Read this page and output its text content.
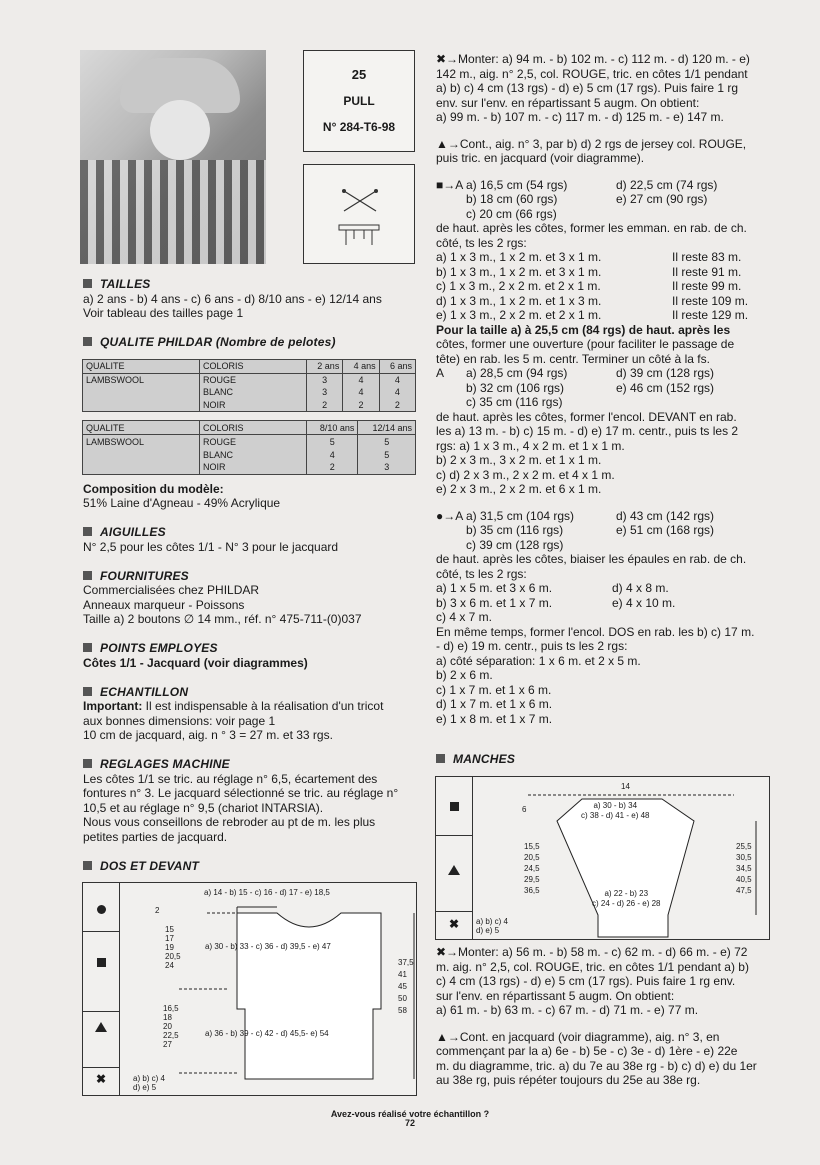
25
PULL
N° 284-T6-98
TAILLES
a) 2 ans - b) 4 ans - c) 6 ans - d) 8/10 ans - e) 12/14 ans
Voir tableau des tailles page 1
QUALITE PHILDAR (Nombre de pelotes)
QUALITE	COLORIS	2 ans	4 ans	6 ans
LAMBSWOOL	ROUGE	3	4	4
	BLANC	3	4	4
	NOIR	2	2	2
QUALITE	COLORIS	8/10 ans	12/14 ans
LAMBSWOOL	ROUGE	5	5
	BLANC	4	5
	NOIR	2	3
Composition du modèle:
51% Laine d'Agneau - 49% Acrylique
AIGUILLES
N° 2,5 pour les côtes 1/1 - N° 3 pour le jacquard
FOURNITURES
Commercialisées chez PHILDAR
Anneaux marqueur - Poissons
Taille a) 2 boutons ∅ 14 mm., réf. n° 475-711-(0)037
POINTS EMPLOYES
Côtes 1/1 - Jacquard (voir diagrammes)
ECHANTILLON
Important: Il est indispensable à la réalisation d'un tricot
aux bonnes dimensions: voir page 1
10 cm de jacquard, aig. n ° 3 = 27 m. et 33 rgs.
REGLAGES MACHINE
Les côtes 1/1 se tric. au réglage n° 6,5, écartement des
fontures n° 3. Le jacquard sélectionné se tric. au réglage n°
10,5 et au réglage n° 9,5 (chariot INTARSIA).
Nous vous conseillons de rebroder au pt de m. les plus
petites parties de jacquard.
DOS ET DEVANT
✖
a) 14 - b) 15 - c) 16 - d) 17 - e) 18,5
2
15
17
19
20,5
24
a) 30 - b) 33 - c) 36 - d) 39,5 - e) 47
37,5
41
45
50
58
16,5
18
20
22,5
27
a) 36 - b) 39 - c) 42 - d) 45,5- e) 54
a) b) c) 4
d) e) 5
✖→Monter: a) 94 m. - b) 102 m. - c) 112 m. - d) 120 m. - e)
142 m., aig. n° 2,5, col. ROUGE, tric. en côtes 1/1 pendant
a) b) c) 4 cm (13 rgs) - d) e) 5 cm (17 rgs). Puis faire 1 rg
env. sur l'env. en répartissant 5 augm. On obtient:
a) 99 m. - b) 107 m. - c) 117 m. - d) 125 m. - e) 147 m.
▲→Cont., aig. n° 3, par b) d) 2 rgs de jersey col. ROUGE,
puis tric. en jacquard (voir diagramme).
■→A a) 16,5 cm (54 rgs)	d) 22,5 cm (74 rgs)
b) 18 cm (60 rgs)	e) 27 cm (90 rgs)
c) 20 cm (66 rgs)
de haut. après les côtes, former les emman. en rab. de ch.
côté, ts les 2 rgs:
a) 1 x 3 m., 1 x 2 m. et 3 x 1 m.	Il reste 83 m.
b) 1 x 3 m., 1 x 2 m. et 3 x 1 m.	Il reste 91 m.
c) 1 x 3 m., 2 x 2 m. et 2 x 1 m.	Il reste 99 m.
d) 1 x 3 m., 1 x 2 m. et 1 x 3 m.	Il reste 109 m.
e) 1 x 3 m., 2 x 2 m. et 2 x 1 m.	Il reste 129 m.
Pour la taille a) à 25,5 cm (84 rgs) de haut. après les
côtes, former une ouverture (pour faciliter le passage de
tête) en rab. les 5 m. centr. Terminer un côté à la fs.
A	a) 28,5 cm (94 rgs)	d) 39 cm (128 rgs)
b) 32 cm (106 rgs)	e) 46 cm (152 rgs)
c) 35 cm (116 rgs)
de haut. après les côtes, former l'encol. DEVANT en rab.
les a) 13 m. - b) c) 15 m. - d) e) 17 m. centr., puis ts les 2
rgs: a) 1 x 3 m., 4 x 2 m. et 1 x 1 m.
b) 2 x 3 m., 3 x 2 m. et 1 x 1 m.
c) d) 2 x 3 m., 2 x 2 m. et 4 x 1 m.
e) 2 x 3 m., 2 x 2 m. et 6 x 1 m.
●→A a) 31,5 cm (104 rgs)	d) 43 cm (142 rgs)
b) 35 cm (116 rgs)	e) 51 cm (168 rgs)
c) 39 cm (128 rgs)
de haut. après les côtes, biaiser les épaules en rab. de ch.
côté, ts les 2 rgs:
a) 1 x 5 m. et 3 x 6 m.	d) 4 x 8 m.
b) 3 x 6 m. et 1 x 7 m.	e) 4 x 10 m.
c) 4 x 7 m.
En même temps, former l'encol. DOS en rab. les b) c) 17 m.
- d) e) 19 m. centr., puis ts les 2 rgs:
a) côté séparation: 1 x 6 m. et 2 x 5 m.
b) 2 x 6 m.
c) 1 x 7 m. et 1 x 6 m.
d) 1 x 7 m. et 1 x 6 m.
e) 1 x 8 m. et 1 x 7 m.
MANCHES
✖
14
6	a) 30 - b) 34
c) 38 - d) 41 - e) 48
15,5
20,5
24,5
29,5
36,5
25,5
30,5
34,5
40,5
47,5
a) 22 - b) 23
c) 24 - d) 26 - e) 28
a) b) c) 4
d) e) 5
✖→Monter: a) 56 m. - b) 58 m. - c) 62 m. - d) 66 m. - e) 72
m. aig. n° 2,5, col. ROUGE, tric. en côtes 1/1 pendant a) b)
c) 4 cm (13 rgs) - d) e) 5 cm (17 rgs). Puis faire 1 rg env.
sur l'env. en répartissant 5 augm. On obtient:
a) 61 m. - b) 63 m. - c) 67 m. - d) 71 m. - e) 77 m.
▲→Cont. en jacquard (voir diagramme), aig. n° 3, en
commençant par la a) 6e - b) 5e - c) 3e - d) 1ère - e) 22e
m. du diagramme, tric. a) du 7e au 38e rg - b) c) d) e) du 1er
au 38e rg, puis répéter toujours du 25e au 38e rg.
Avez-vous réalisé votre échantillon ?
72
